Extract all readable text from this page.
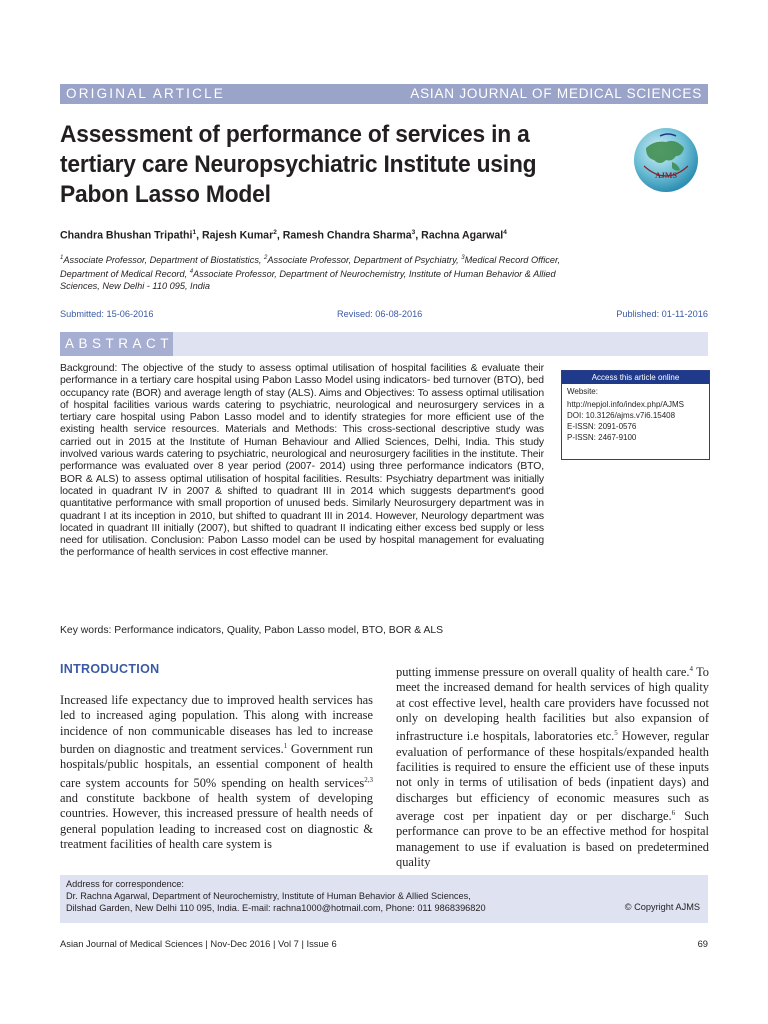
ORIGINAL ARTICLE	ASIAN JOURNAL OF MEDICAL SCIENCES
Assessment of performance of services in a tertiary care Neuropsychiatric Institute using Pabon Lasso Model
AJMS
Chandra Bhushan Tripathi$^1$, Rajesh Kumar$^2$, Ramesh Chandra Sharma$^3$, Rachna Agarwal$^4$
$^1$Associate Professor, Department of Biostatistics, $^2$Associate Professor, Department of Psychiatry, $^3$Medical Record Officer, Department of Medical Record, $^4$Associate Professor, Department of Neurochemistry, Institute of Human Behavior & Allied Sciences, New Delhi - 110 095, India
Submitted: 15-06-2016	Revised: 06-08-2016	Published: 01-11-2016
ABSTRACT
Background: The objective of the study to assess optimal utilisation of hospital facilities & evaluate their performance in a tertiary care hospital using Pabon Lasso Model using indicators- bed turnover (BTO), bed occupancy rate (BOR) and average length of stay (ALS). Aims and Objectives: To assess optimal utilisation of hospital facilities various wards catering to psychiatric, neurological and neurosurgery services in a tertiary care hospital using Pabon Lasso model and to identify strategies for more efficient use of the existing health service resources. Materials and Methods: This cross-sectional descriptive study was carried out in 2015 at the Institute of Human Behaviour and Allied Sciences, Delhi, India. This study involved various wards catering to psychiatric, neurological and neurosurgery facilities in the institute. Their performance was evaluated over 8 year period (2007- 2014) using three performance indicators (BTO, BOR & ALS) to assess optimal utilisation of hospital facilities. Results: Psychiatry department was initially located in quadrant IV in 2007 & shifted to quadrant III in 2014 which suggests department's good quantitative performance with small proportion of unused beds. Similarly Neurosurgery department was in quadrant I at its inception in 2010, but shifted to quadrant III in 2014. However, Neurology department was located in quadrant III initially (2007), but shifted to quadrant II indicating either excess bed supply or less need for utilisation. Conclusion: Pabon Lasso model can be used by hospital management for evaluating the performance of health services in cost effective manner.
Access this article online
Website:
http://nepjol.info/index.php/AJMS
DOI: 10.3126/ajms.v7i6.15408
E-ISSN: 2091-0576
P-ISSN: 2467-9100
Key words: Performance indicators, Quality, Pabon Lasso model, BTO, BOR & ALS
INTRODUCTION
Increased life expectancy due to improved health services has led to increased aging population. This along with increase incidence of non communicable diseases has led to increase burden on diagnostic and treatment services.$^1$ Government run hospitals/public hospitals, an essential component of health care system accounts for 50% spending on health services$^{2,3}$ and constitute backbone of health system of developing countries. However, this increased pressure of health needs of general population leading to increased cost on diagnostic & treatment facilities of health care system is
putting immense pressure on overall quality of health care.$^4$ To meet the increased demand for health services of high quality at cost effective level, health care providers have focussed not only on developing health facilities but also expansion of infrastructure i.e hospitals, laboratories etc.$^5$ However, regular evaluation of performance of these hospitals/expanded health facilities is required to ensure the efficient use of these inputs not only in terms of utilisation of beds (inpatient days) and discharges but efficiency of economic measures such as average cost per inpatient day or per discharge.$^6$ Such performance can prove to be an effective method for hospital management to use if evaluation is based on predetermined quality
Address for correspondence:
Dr. Rachna Agarwal, Department of Neurochemistry, Institute of Human Behavior & Allied Sciences,
Dilshad Garden, New Delhi 110 095, India. E-mail: rachna1000@hotmail.com, Phone: 011 9868396820	© Copyright AJMS
Asian Journal of Medical Sciences | Nov-Dec 2016 | Vol 7 | Issue 6	69
